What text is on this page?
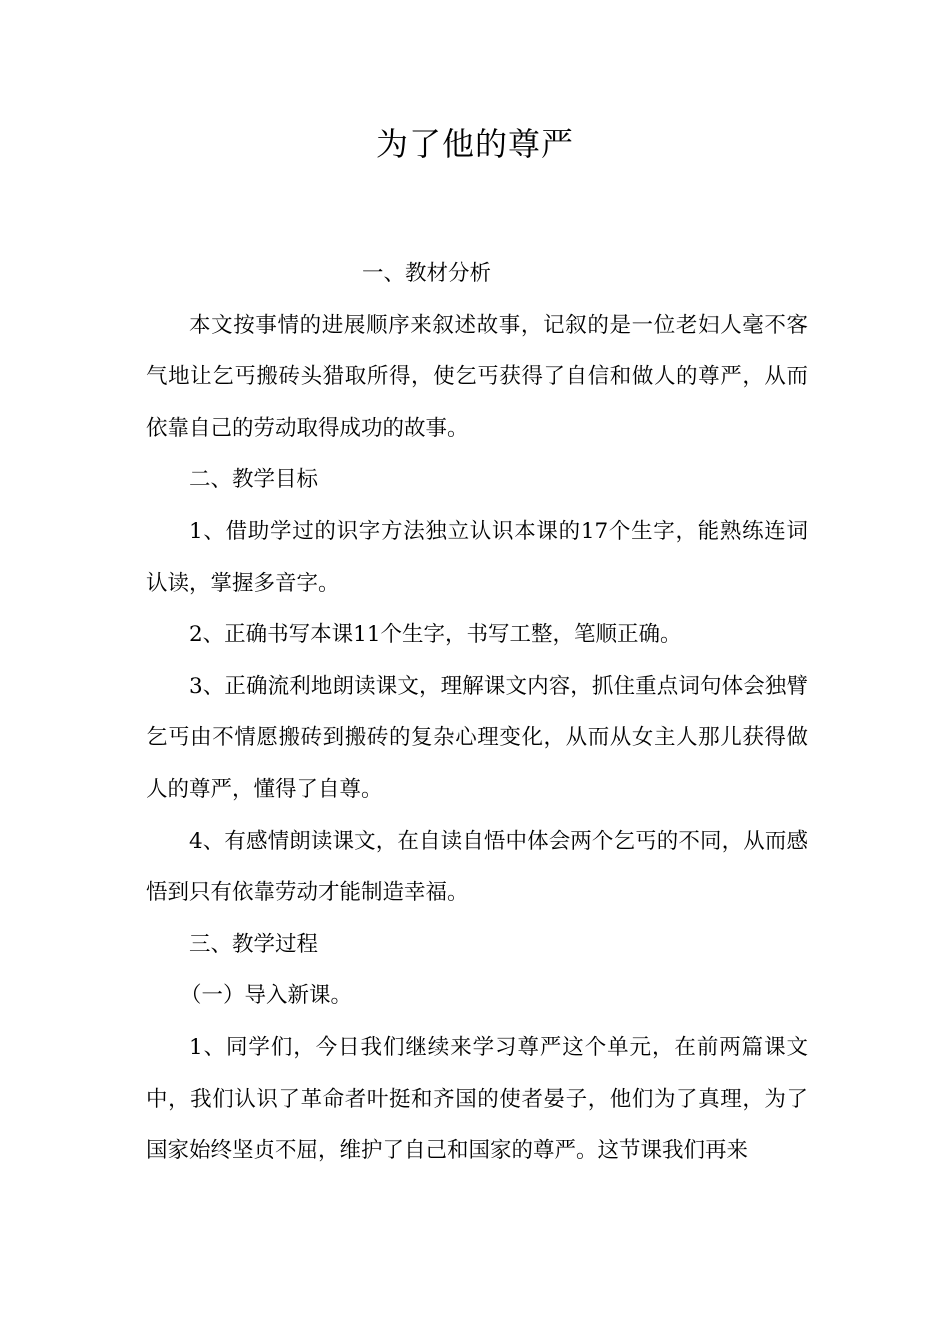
为了他的尊严

一、教材分析

本文按事情的进展顺序来叙述故事，记叙的是一位老妇人毫不客气地让乞丐搬砖头猎取所得，使乞丐获得了自信和做人的尊严，从而依靠自己的劳动取得成功的故事。

二、教学目标

1、借助学过的识字方法独立认识本课的17个生字，能熟练连词认读，掌握多音字。

2、正确书写本课11个生字，书写工整，笔顺正确。

3、正确流利地朗读课文，理解课文内容，抓住重点词句体会独臂乞丐由不情愿搬砖到搬砖的复杂心理变化，从而从女主人那儿获得做人的尊严，懂得了自尊。

4、有感情朗读课文，在自读自悟中体会两个乞丐的不同，从而感悟到只有依靠劳动才能制造幸福。

三、教学过程

（一）导入新课。

1、同学们，今日我们继续来学习尊严这个单元，在前两篇课文中，我们认识了革命者叶挺和齐国的使者晏子，他们为了真理，为了国家始终坚贞不屈，维护了自己和国家的尊严。这节课我们再来
